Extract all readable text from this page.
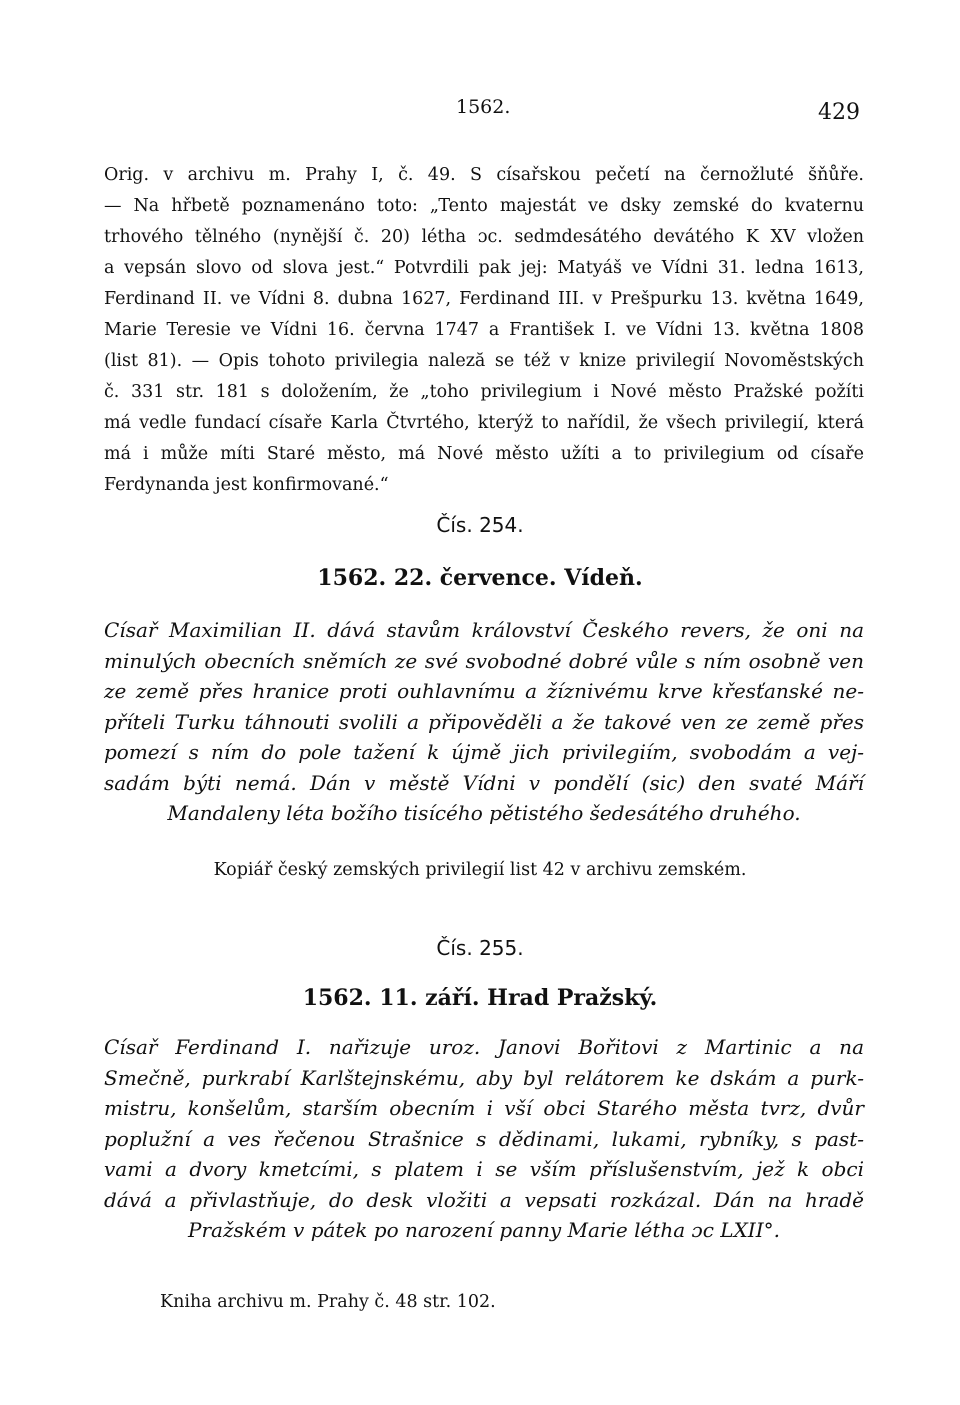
1562.	429
Orig. v archivu m. Prahy I, č. 49. S císařskou pečetí na černožluté šňůře.
— Na hřbetě poznamenáno toto: „Tento majestát ve dsky zemské do kvaternu
trhového tělného (nynější č. 20) létha ɔc. sedmdesátého devátého K XV vložen
a vepsán slovo od slova jest.“ Potvrdili pak jej: Matyáš ve Vídni 31. ledna 1613,
Ferdinand II. ve Vídni 8. dubna 1627, Ferdinand III. v Prešpurku 13. května 1649,
Marie Teresie ve Vídni 16. června 1747 a František I. ve Vídni 13. května 1808
(list 81). — Opis tohoto privilegia naleză se též v knize privilegií Novoměstských
č. 331 str. 181 s doložením, že „toho privilegium i Nové město Pražské požíti
má vedle fundací císaře Karla Čtvrtého, kterýž to nařídil, že všech privilegií, která
má i může míti Staré město, má Nové město užíti a to privilegium od císaře
Ferdynanda jest konfirmované.“
Čís. 254.
1562. 22. července. Vídeň.
Císař Maximilian II. dává stavům království Českého revers, že oni na
minulých obecních sněmích ze své svobodné dobré vůle s ním osobně ven
ze země přes hranice proti ouhlavnímu a žíznivému krve křesťanské ne-
příteli Turku táhnouti svolili a připověděli a že takové ven ze země přes
pomezí s ním do pole tažení k újmě jich privilegiím, svobodám a vej-
sadám býti nemá. Dán v městě Vídni v pondělí (sic) den svaté Máří
Mandaleny léta božího tisícého pětistého šedesátého druhého.
Kopiář český zemských privilegií list 42 v archivu zemském.
Čís. 255.
1562. 11. září. Hrad Pražský.
Císař Ferdinand I. nařizuje uroz. Janovi Bořitovi z Martinic a na
Smečně, purkrabí Karlštejnskému, aby byl relátorem ke dskám a purk-
mistru, konšelům, starším obecním i vší obci Starého města tvrz, dvůr
poplužní a ves řečenou Strašnice s dědinami, lukami, rybníky, s past-
vami a dvory kmetcími, s platem i se vším příslušenstvím, jež k obci
dává a přivlastňuje, do desk vložiti a vepsati rozkázal. Dán na hradě
Pražském v pátek po narození panny Marie létha ɔc LXII°.
Kniha archivu m. Prahy č. 48 str. 102.
